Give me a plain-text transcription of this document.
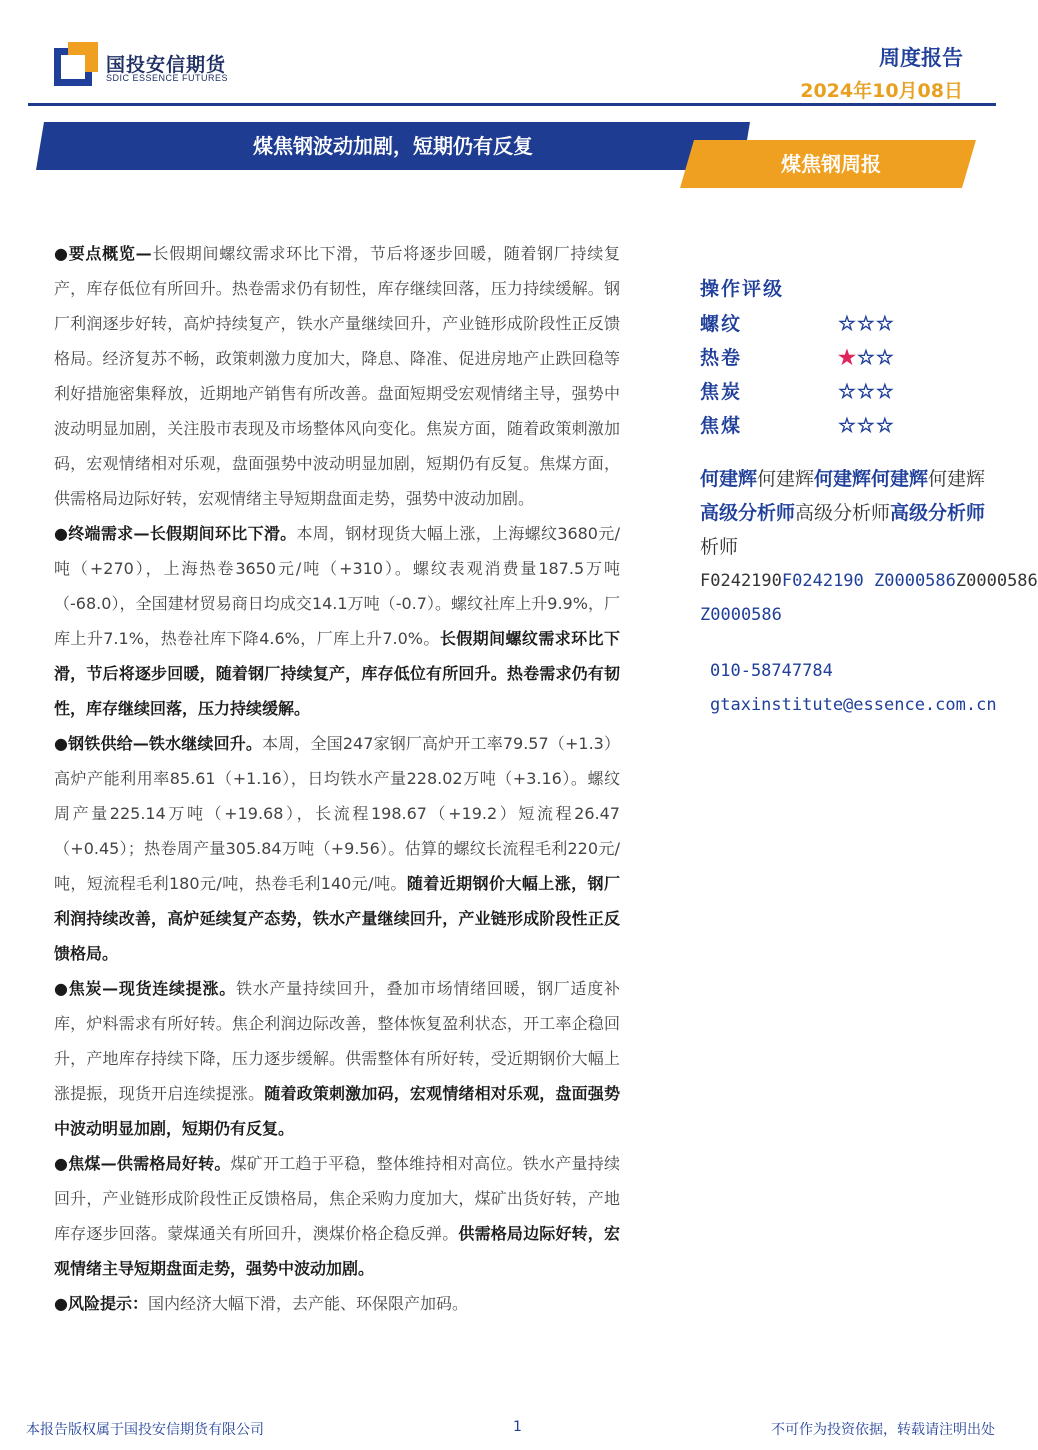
国投安信期货
SDIC ESSENCE FUTURES
周度报告
2024年10月08日
煤焦钢波动加剧，短期仍有反复
煤焦钢周报

●要点概览—长假期间螺纹需求环比下滑，节后将逐步回暖，随着钢厂持续复产，库存低位有所回升。热卷需求仍有韧性，库存继续回落，压力持续缓解。钢厂利润逐步好转，高炉持续复产，铁水产量继续回升，产业链形成阶段性正反馈格局。经济复苏不畅，政策刺激力度加大，降息、降准、促进房地产止跌回稳等利好措施密集释放，近期地产销售有所改善。盘面短期受宏观情绪主导，强势中波动明显加剧，关注股市表现及市场整体风向变化。焦炭方面，随着政策刺激加码，宏观情绪相对乐观，盘面强势中波动明显加剧，短期仍有反复。焦煤方面，供需格局边际好转，宏观情绪主导短期盘面走势，强势中波动加剧。

●终端需求—长假期间环比下滑。本周，钢材现货大幅上涨，上海螺纹3680元/吨（+270），上海热卷3650元/吨（+310）。螺纹表观消费量187.5万吨（-68.0），全国建材贸易商日均成交14.1万吨（-0.7）。螺纹社库上升9.9%，厂库上升7.1%，热卷社库下降4.6%，厂库上升7.0%。长假期间螺纹需求环比下滑，节后将逐步回暖，随着钢厂持续复产，库存低位有所回升。热卷需求仍有韧性，库存继续回落，压力持续缓解。

●钢铁供给—铁水继续回升。本周，全国247家钢厂高炉开工率79.57（+1.3）高炉产能利用率85.61（+1.16），日均铁水产量228.02万吨（+3.16）。螺纹周产量225.14万吨（+19.68），长流程198.67（+19.2）短流程26.47（+0.45）；热卷周产量305.84万吨（+9.56）。估算的螺纹长流程毛利220元/吨，短流程毛利180元/吨，热卷毛利140元/吨。随着近期钢价大幅上涨，钢厂利润持续改善，高炉延续复产态势，铁水产量继续回升，产业链形成阶段性正反馈格局。

●焦炭—现货连续提涨。铁水产量持续回升，叠加市场情绪回暖，钢厂适度补库，炉料需求有所好转。焦企利润边际改善，整体恢复盈利状态，开工率企稳回升，产地库存持续下降，压力逐步缓解。供需整体有所好转，受近期钢价大幅上涨提振，现货开启连续提涨。随着政策刺激加码，宏观情绪相对乐观，盘面强势中波动明显加剧，短期仍有反复。

●焦煤—供需格局好转。煤矿开工趋于平稳，整体维持相对高位。铁水产量持续回升，产业链形成阶段性正反馈格局，焦企采购力度加大，煤矿出货好转，产地库存逐步回落。蒙煤通关有所回升，澳煤价格企稳反弹。供需格局边际好转，宏观情绪主导短期盘面走势，强势中波动加剧。

●风险提示：国内经济大幅下滑，去产能、环保限产加码。

操作评级
螺纹	☆☆☆
热卷	★☆☆
焦炭	☆☆☆
焦煤	☆☆☆
何建辉何建辉何建辉何建辉何建辉
高级分析师高级分析师高级分析师
析师
F0242190F0242190 Z0000586Z0000586
Z0000586
010-58747784
gtaxinstitute@essence.com.cn
本报告版权属于国投安信期货有限公司	1	不可作为投资依据，转载请注明出处
